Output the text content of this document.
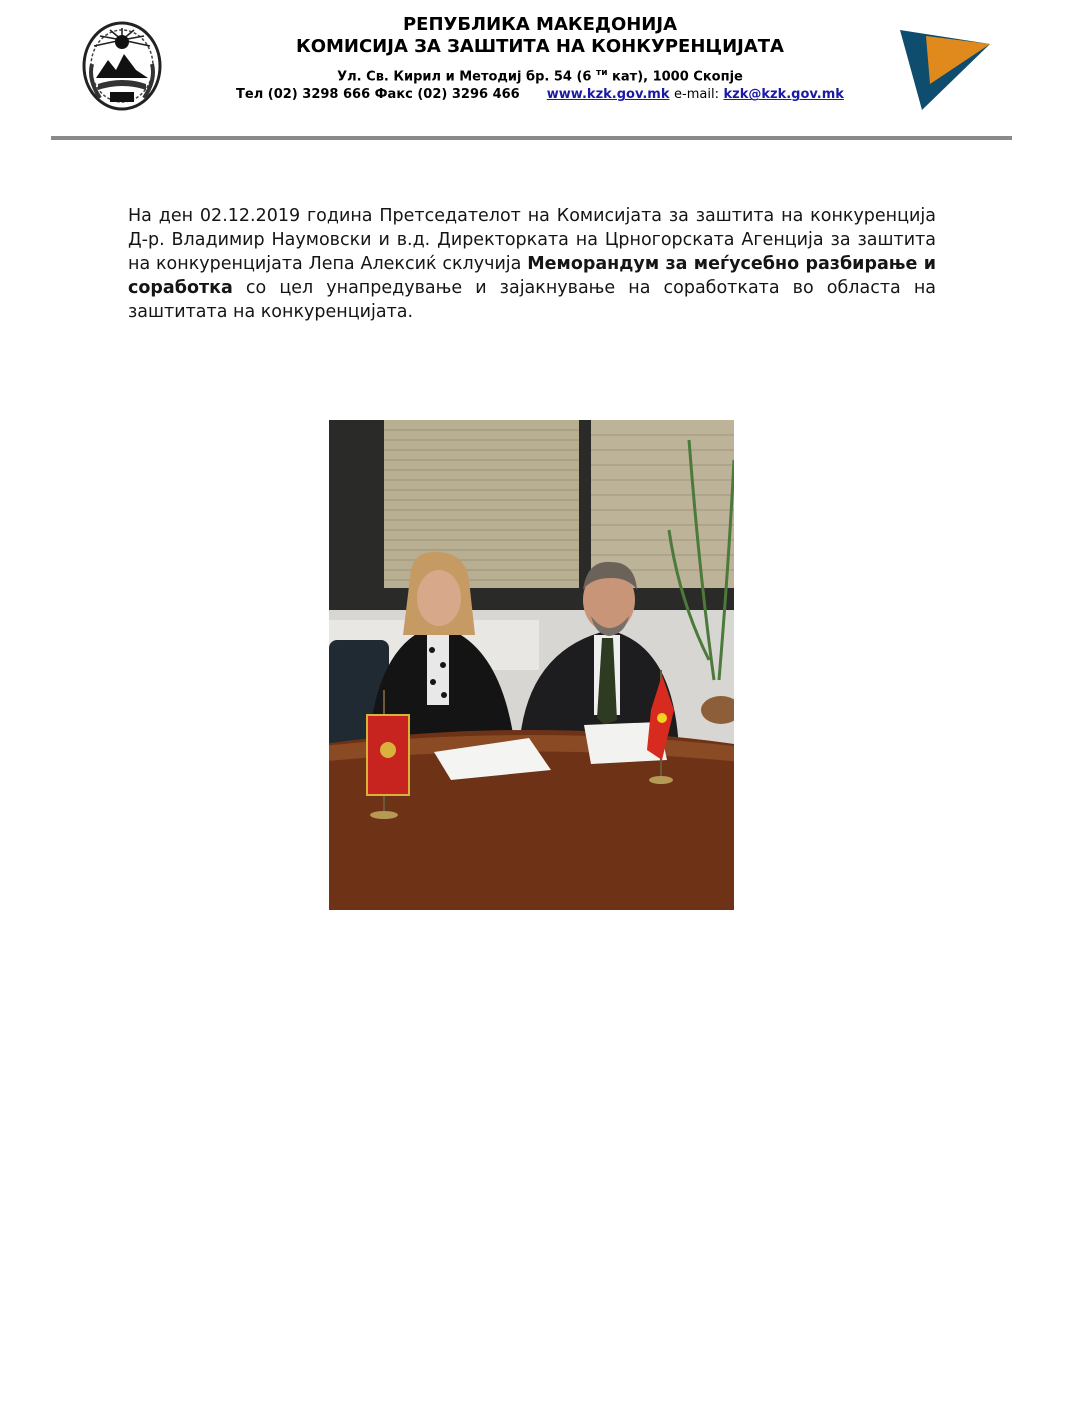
РЕПУБЛИКА МАКЕДОНИЈА
КОМИСИЈА ЗА ЗАШТИТА НА КОНКУРЕНЦИЈАТА
Ул. Св. Кирил и Методиј бр. 54 (6 $^{ти}$ кат), 1000 Скопје
Тел (02) 3298 666 Факс (02) 3296 466 www.kzk.gov.mk e-mail: kzk@kzk.gov.mk
На ден 02.12.2019 година Претседателот на Комисијата за заштита на конкуренција Д-р. Владимир Наумовски и в.д. Директорката на Црногорската Агенција за заштита на конкуренцијата Лепа Алексиќ склучија Меморандум за меѓусебно разбирање и соработка со цел унапредување и зајакнување на соработката во областа на заштитата на конкуренцијата.
